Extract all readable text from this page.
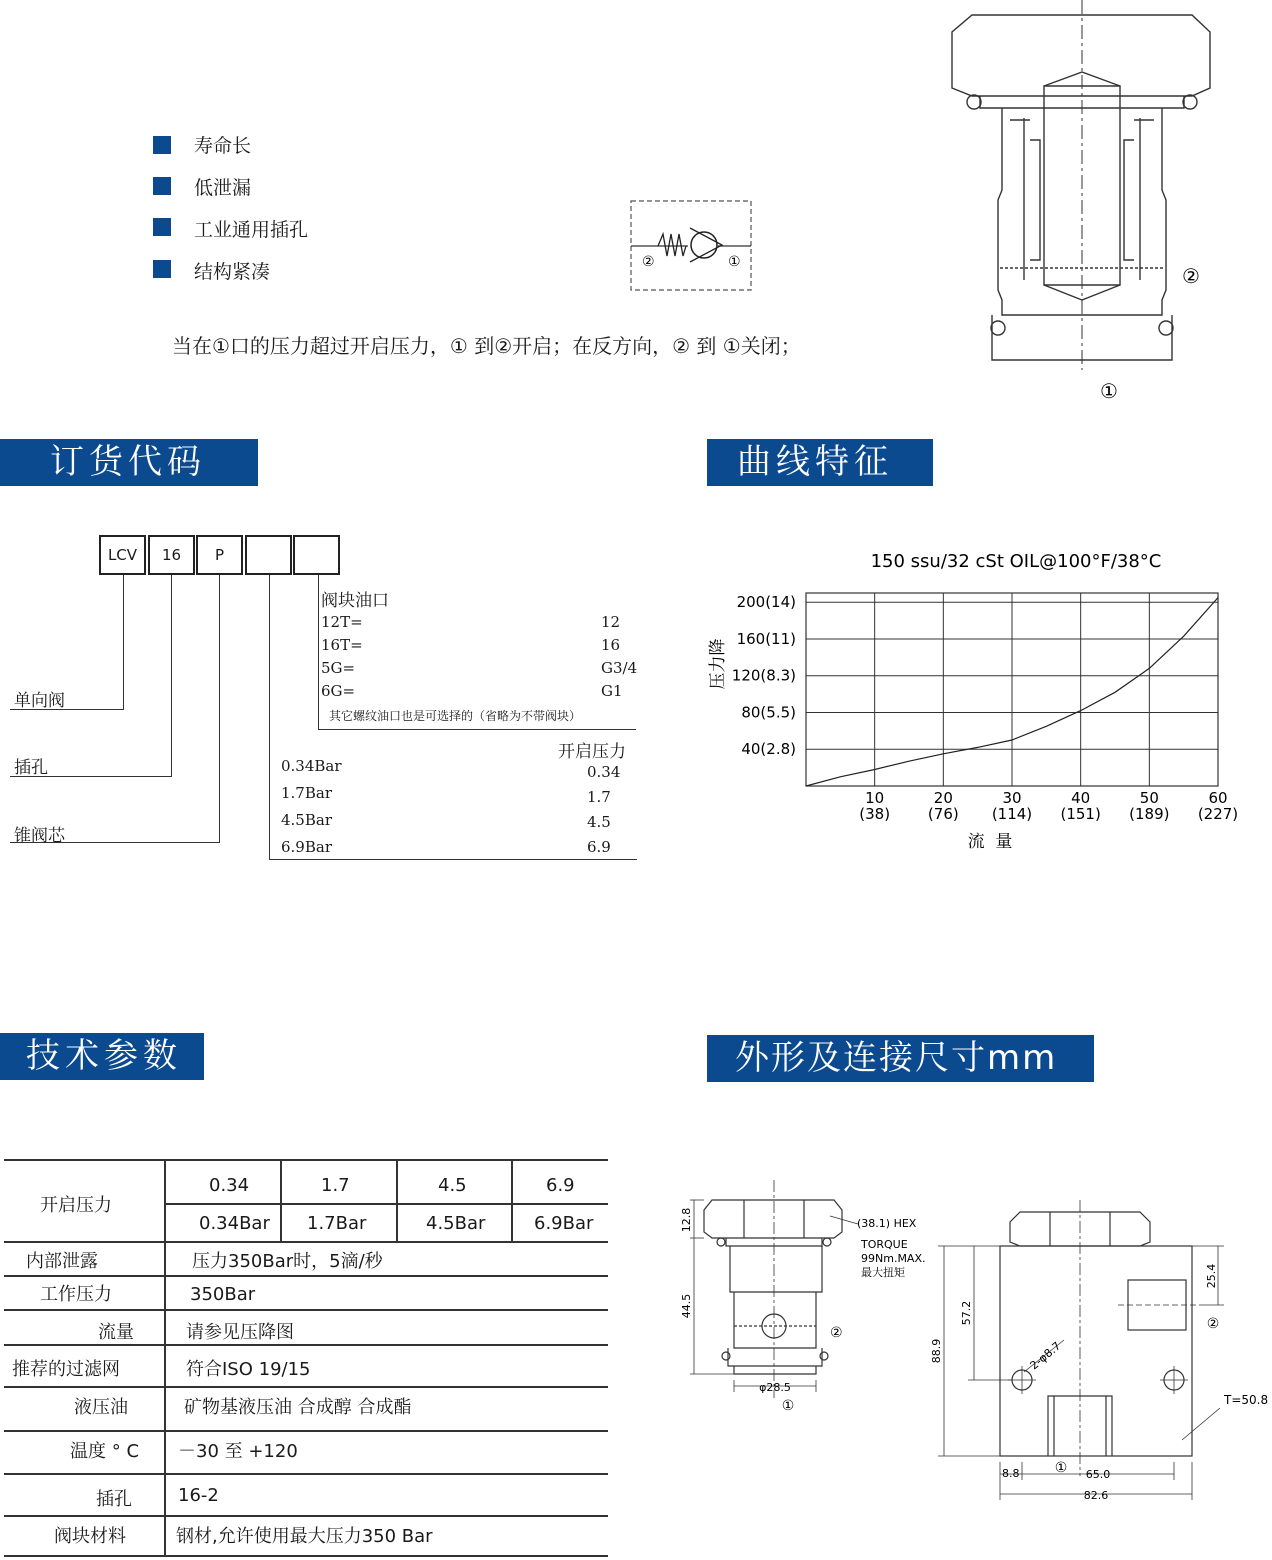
寿命长
低泄漏
工业通用插孔
结构紧凑	②	①
当在①口的压力超过开启压力，① 到②开启；在反方向，② 到 ①关闭；
②
①
订货代码	曲线特征
技术参数	外形及连接尺寸mm
LCV	16	P
单向阀
插孔
锥阀芯
阀块油口
12T=	12
16T=	16
5G=	G3/4
6G=	G1
其它螺纹油口也是可选择的（省略为不带阀块）
开启压力
0.34Bar	0.34
1.7Bar	1.7
4.5Bar	4.5
6.9Bar	6.9
150 ssu/32 cSt OIL@100°F/38°C
10
(38)
20
(76)
30
(114)
40
(151)
50
(189)
60
(227)
40(2.8)
80(5.5)
120(8.3)
160(11)
200(14)
压力降
流  量
开启压力
0.34	1.7	4.5	6.9
0.34Bar 1.7Bar	4.5Bar	6.9Bar
内部泄露	压力350Bar时，5滴/秒
工作压力	350Bar
流量	请参见压降图
推荐的过滤网	符合ISO 19/15
液压油	矿物基液压油 合成醇 合成酯
温度 ° C －30 至 +120
插孔	16-2
阀块材料	钢材,允许使用最大压力350 Bar
12.8
44.5
φ28.5
①
②
(38.1) HEX
TORQUE
99Nm.MAX.
最大扭矩
88.9
57.2
25.4
2-φ8.7
T=50.8
8.8	65.0
82.6
②
①
